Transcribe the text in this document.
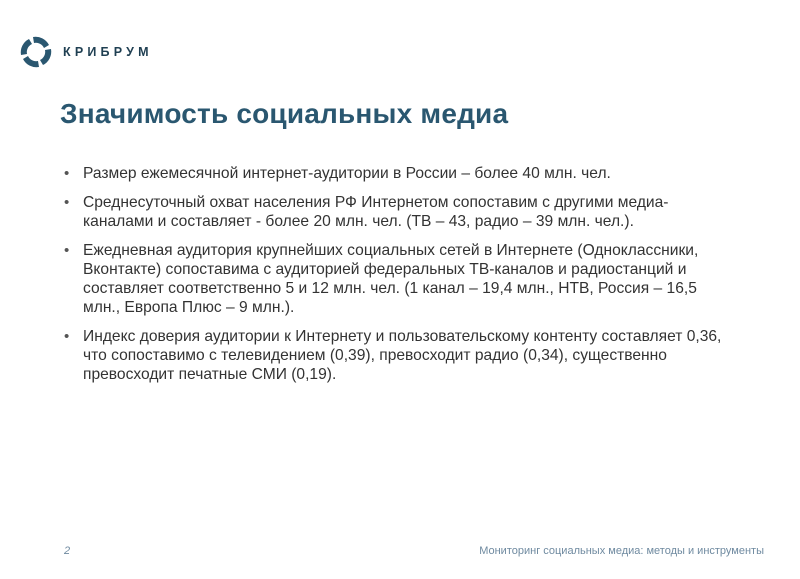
КРИБРУМ
Значимость социальных медиа
• Размер ежемесячной интернет-аудитории в России – более 40 млн. чел.
• Среднесуточный охват населения РФ Интернетом сопоставим с другими медиа-каналами и составляет - более 20 млн. чел. (ТВ – 43, радио – 39 млн. чел.).
• Ежедневная аудитория крупнейших социальных сетей в Интернете (Одноклассники, Вконтакте) сопоставима с аудиторией федеральных ТВ-каналов и радиостанций и составляет соответственно 5 и 12 млн. чел. (1 канал – 19,4 млн., НТВ, Россия – 16,5 млн., Европа Плюс – 9 млн.).
• Индекс доверия аудитории к Интернету и пользовательскому контенту составляет 0,36, что сопоставимо с телевидением (0,39), превосходит радио (0,34), существенно превосходит печатные СМИ (0,19).
2	Мониторинг социальных медиа: методы и инструменты
